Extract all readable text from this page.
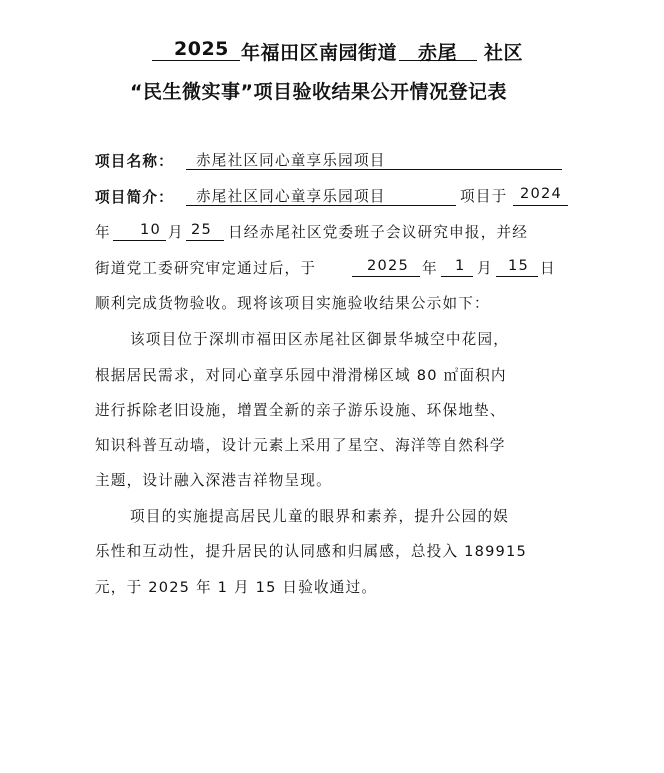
2025 年福田区南园街道 赤尾 社区
“民生微实事”项目验收结果公开情况登记表
项目名称： 赤尾社区同心童享乐园项目
项目简介： 赤尾社区同心童享乐园项目	项目于 2024
年 10 月 25 日经赤尾社区党委班子会议研究申报，并经
街道党工委研究审定通过后，于	2025 年 1 月 15 日
顺利完成货物验收。现将该项目实施验收结果公示如下：
该项目位于深圳市福田区赤尾社区御景华城空中花园，
根据居民需求，对同心童享乐园中滑滑梯区域 80 ㎡面积内
进行拆除老旧设施，增置全新的亲子游乐设施、环保地垫、
知识科普互动墙，设计元素上采用了星空、海洋等自然科学
主题，设计融入深港吉祥物呈现。
项目的实施提高居民儿童的眼界和素养，提升公园的娱
乐性和互动性，提升居民的认同感和归属感，总投入 189915
元，于 2025 年 1 月 15 日验收通过。
